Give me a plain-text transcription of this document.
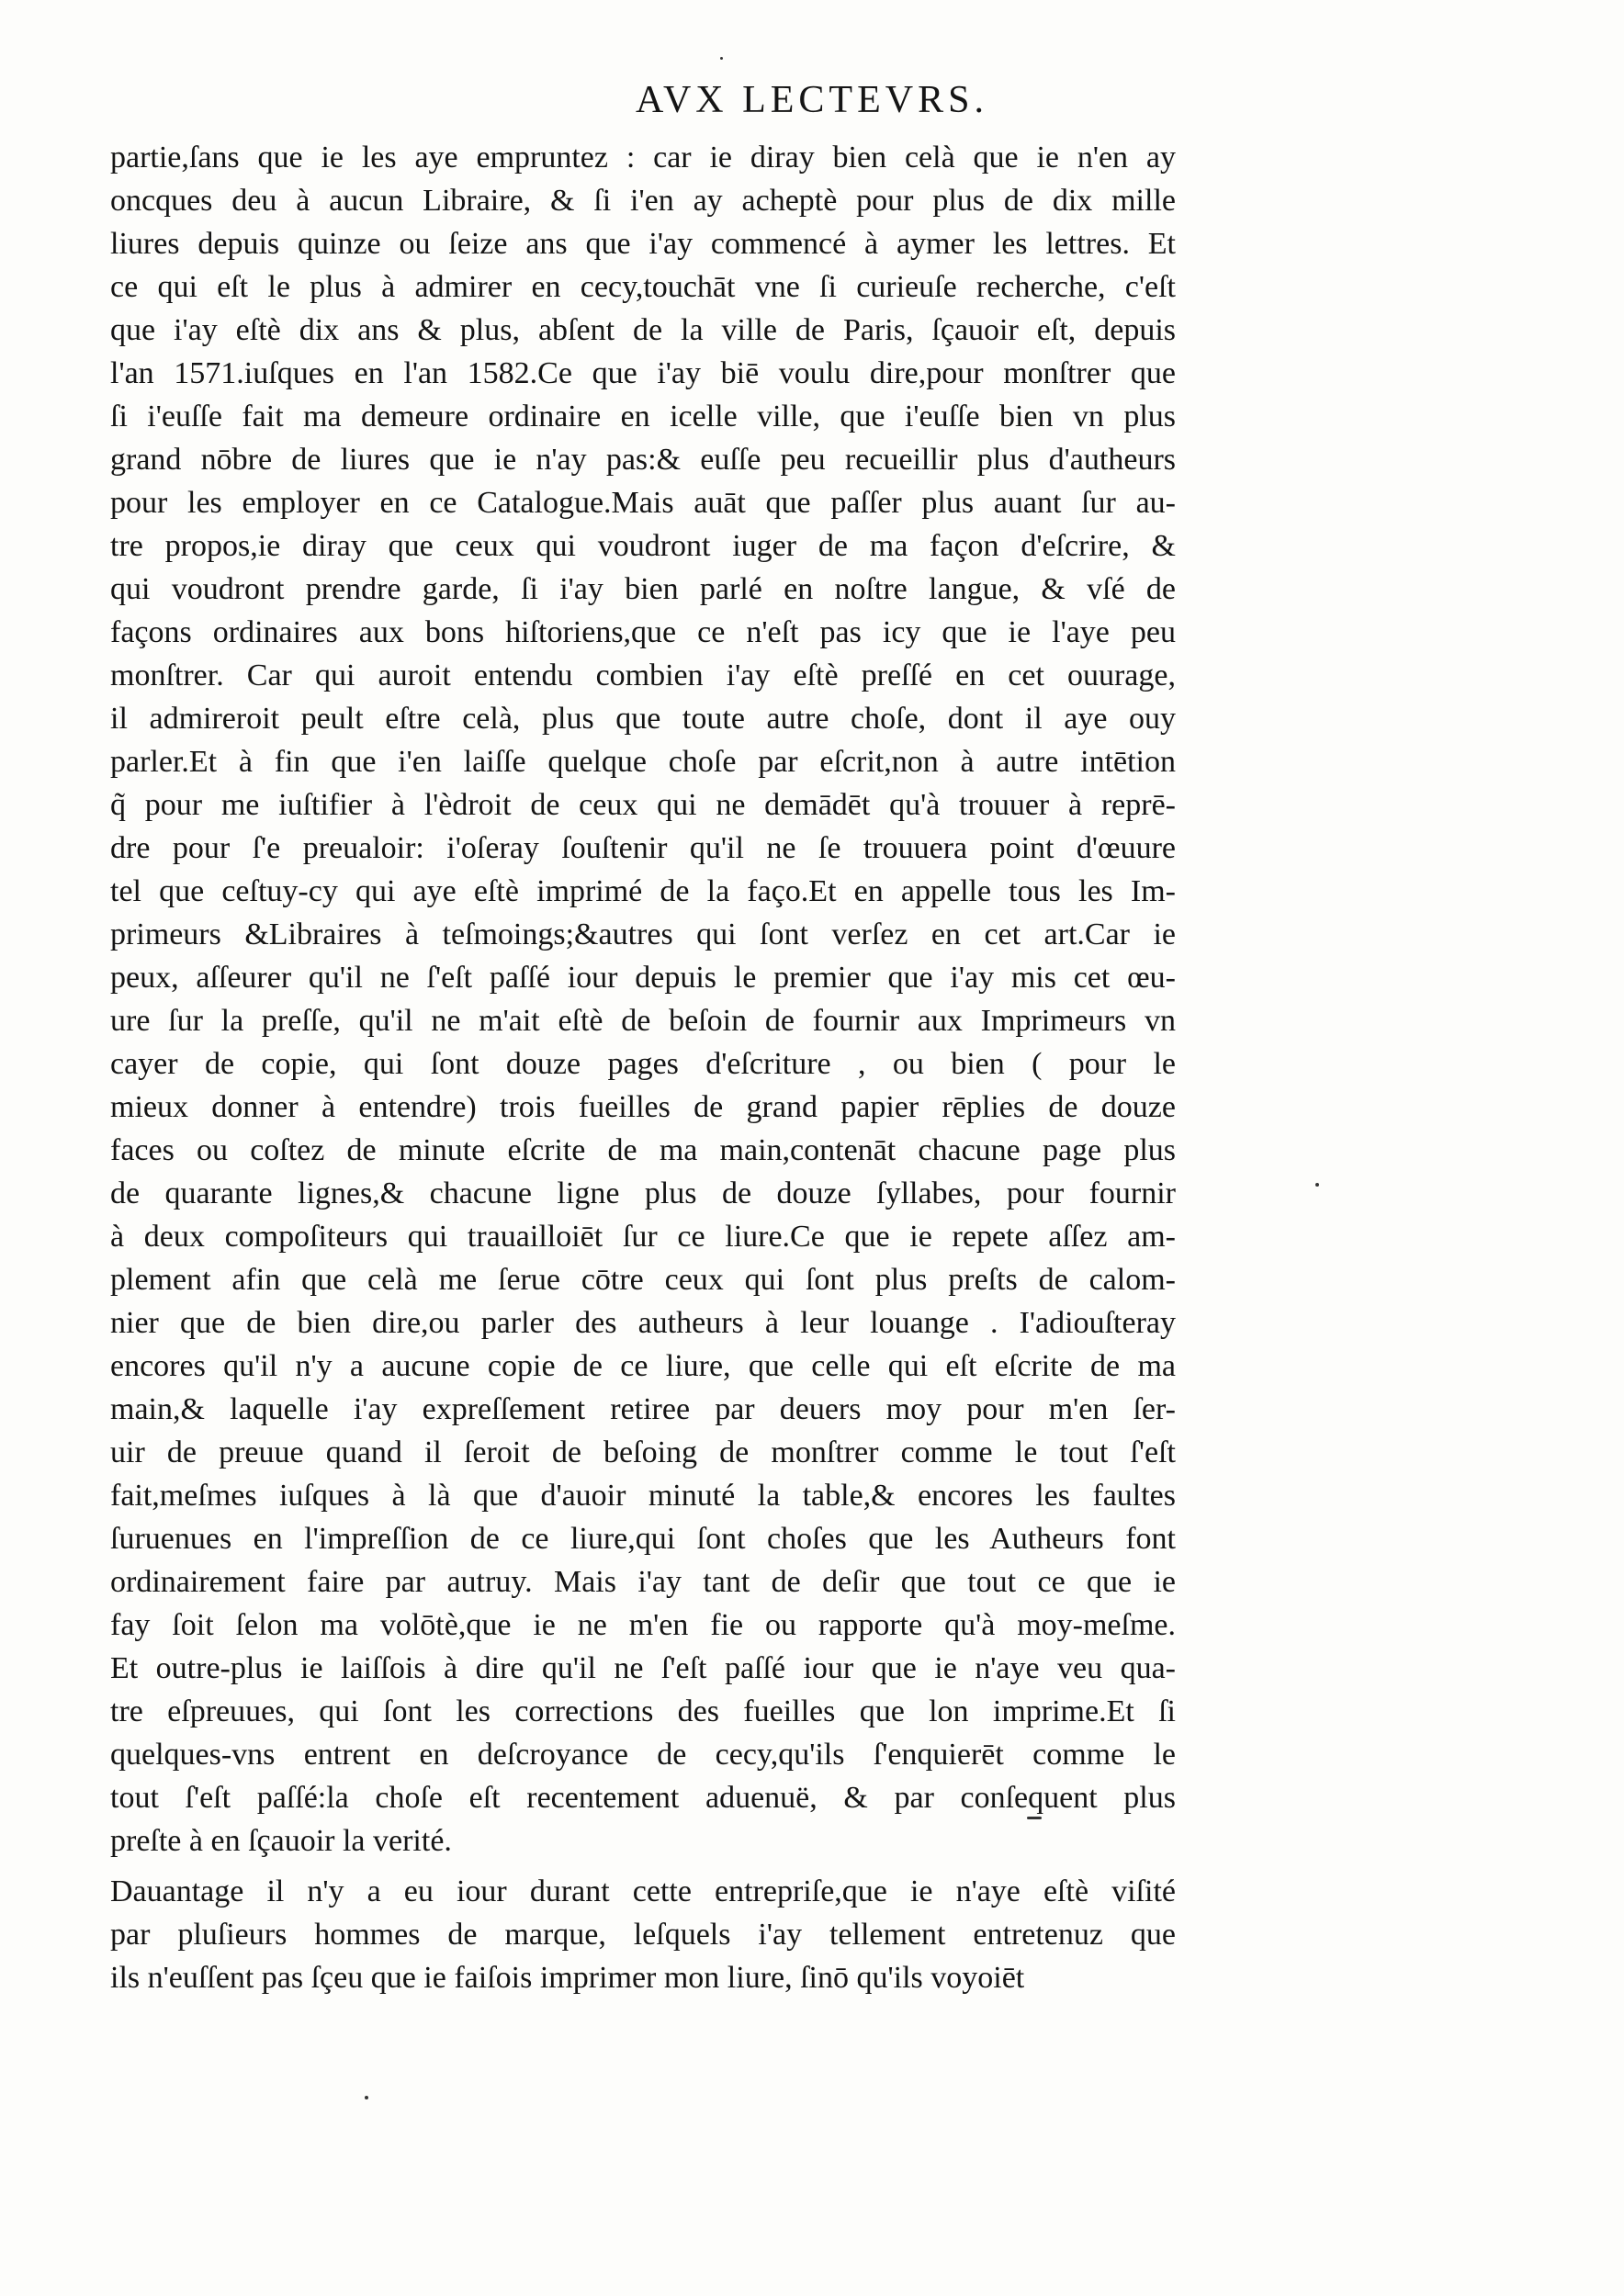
AVX LECTEVRS.
partie,ſans que ie les aye empruntez : car ie diray bien celà que ie n'en ay
oncques deu à aucun Libraire, & ſi i'en ay acheptè pour plus de dix mille
liures depuis quinze ou ſeize ans que i'ay commencé à aymer les lettres. Et
ce qui eſt le plus à admirer en cecy,touchāt vne ſi curieuſe recherche, c'eſt
que i'ay eſtè dix ans & plus, abſent de la ville de Paris, ſçauoir eſt, depuis
l'an 1571.iuſques en l'an 1582.Ce que i'ay biē voulu dire,pour monſtrer que
ſi i'euſſe fait ma demeure ordinaire en icelle ville, que i'euſſe bien vn plus
grand nōbre de liures que ie n'ay pas:& euſſe peu recueillir plus d'autheurs
pour les employer en ce Catalogue.Mais auāt que paſſer plus auant ſur au-
tre propos,ie diray que ceux qui voudront iuger de ma façon d'eſcrire, &
qui voudront prendre garde, ſi i'ay bien parlé en noſtre langue, & vſé de
façons ordinaires aux bons hiſtoriens,que ce n'eſt pas icy que ie l'aye peu
monſtrer. Car qui auroit entendu combien i'ay eſtè preſſé en cet ouurage,
il admireroit peult eſtre celà, plus que toute autre choſe, dont il aye ouy
parler.Et à fin que i'en laiſſe quelque choſe par eſcrit,non à autre intētion
q̃ pour me iuſtifier à l'èdroit de ceux qui ne demādēt qu'à trouuer à reprē-
dre pour ſ'e preualoir: i'oſeray ſouſtenir qu'il ne ſe trouuera point d'œuure
tel que ceſtuy-cy qui aye eſtè imprimé de la faço.Et en appelle tous les Im-
primeurs &Libraires à teſmoings;&autres qui ſont verſez en cet art.Car ie
peux, aſſeurer qu'il ne ſ'eſt paſſé iour depuis le premier que i'ay mis cet œu-
ure ſur la preſſe, qu'il ne m'ait eſtè de beſoin de fournir aux Imprimeurs vn
cayer de copie, qui ſont douze pages d'eſcriture , ou bien ( pour le
mieux donner à entendre) trois fueilles de grand papier rēplies de douze
faces ou coſtez de minute eſcrite de ma main,contenāt chacune page plus
de quarante lignes,& chacune ligne plus de douze ſyllabes, pour fournir
à deux compoſiteurs qui trauailloiēt ſur ce liure.Ce que ie repete aſſez am-
plement afin que celà me ſerue cōtre ceux qui ſont plus preſts de calom-
nier que de bien dire,ou parler des autheurs à leur louange . I'adiouſteray
encores qu'il n'y a aucune copie de ce liure, que celle qui eſt eſcrite de ma
main,& laquelle i'ay expreſſement retiree par deuers moy pour m'en ſer-
uir de preuue quand il ſeroit de beſoing de monſtrer comme le tout ſ'eſt
fait,meſmes iuſques à là que d'auoir minuté la table,& encores les faultes
ſuruenues en l'impreſſion de ce liure,qui ſont choſes que les Autheurs font
ordinairement faire par autruy. Mais i'ay tant de deſir que tout ce que ie
fay ſoit ſelon ma volōtè,que ie ne m'en fie ou rapporte qu'à moy-meſme.
Et outre-plus ie laiſſois à dire qu'il ne ſ'eſt paſſé iour que ie n'aye veu qua-
tre eſpreuues, qui ſont les corrections des fueilles que lon imprime.Et ſi
quelques-vns entrent en deſcroyance de cecy,qu'ils ſ'enquierēt comme le
tout ſ'eſt paſſé:la choſe eſt recentement aduenuë, & par conſequent plus
preſte à en ſçauoir la verité.
Dauantage il n'y a eu iour durant cette entrepriſe,que ie n'aye eſtè viſité
par pluſieurs hommes de marque, leſquels i'ay tellement entretenuz que
ils n'euſſent pas ſçeu que ie faiſois imprimer mon liure, ſinō qu'ils voyoiēt
